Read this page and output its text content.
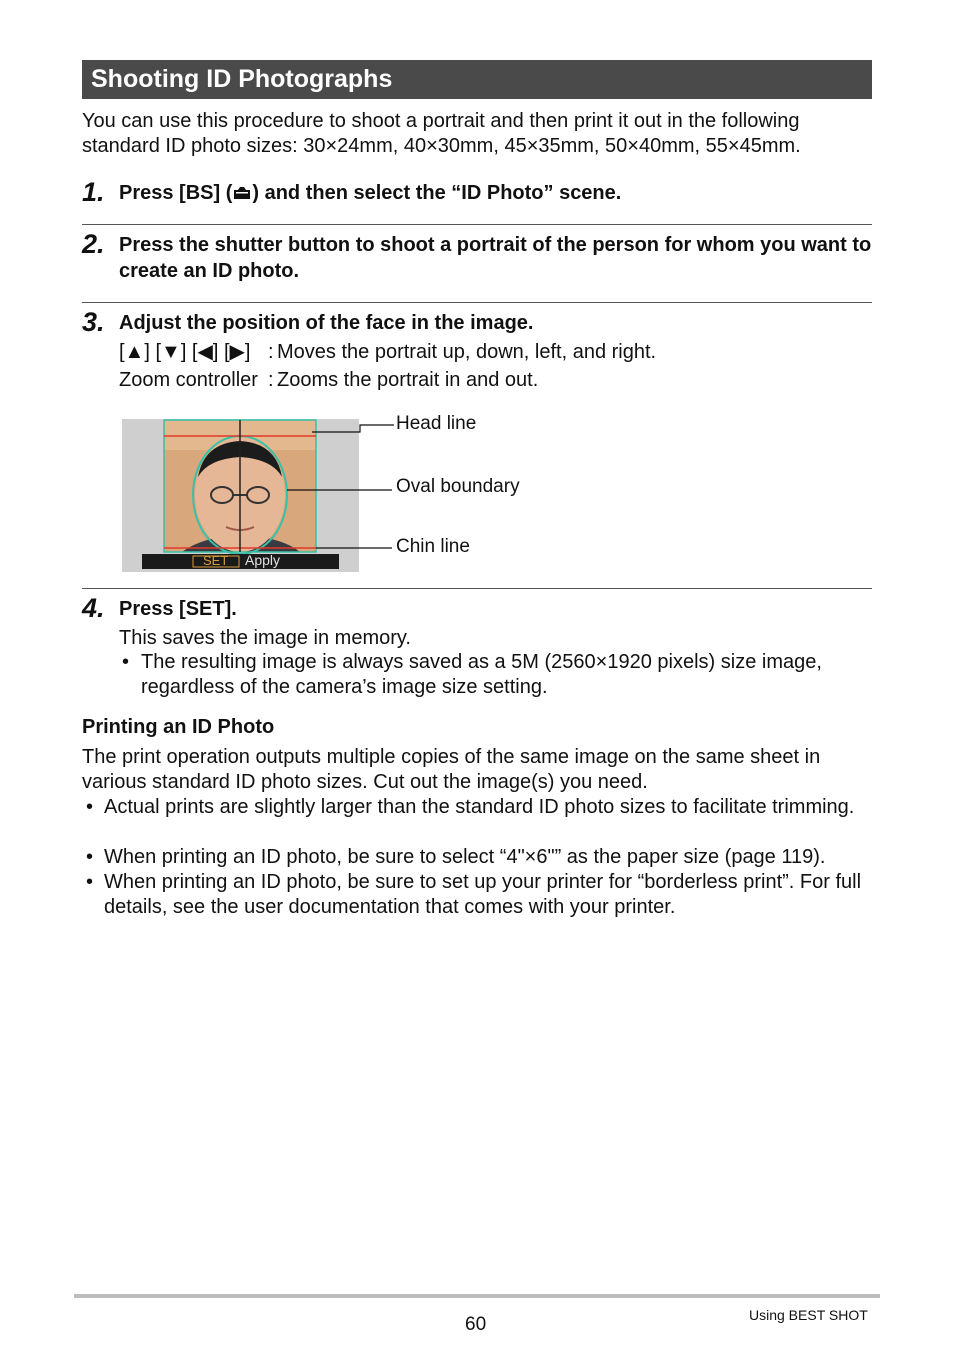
Shooting ID Photographs
You can use this procedure to shoot a portrait and then print it out in the following standard ID photo sizes: 30×24mm, 40×30mm, 45×35mm, 50×40mm, 55×45mm.
1. Press [BS] ( ) and then select the “ID Photo” scene.
2. Press the shutter button to shoot a portrait of the person for whom you want to create an ID photo.
3. Adjust the position of the face in the image.
[▲] [▼] [◀] [▶] : Moves the portrait up, down, left, and right.
Zoom controller : Zooms the portrait in and out.
SET Apply
Head line
Oval boundary
Chin line
4. Press [SET].
This saves the image in memory.
• The resulting image is always saved as a 5M (2560×1920 pixels) size image, regardless of the camera’s image size setting.
Printing an ID Photo
The print operation outputs multiple copies of the same image on the same sheet in various standard ID photo sizes. Cut out the image(s) you need.
• Actual prints are slightly larger than the standard ID photo sizes to facilitate trimming.
• When printing an ID photo, be sure to select “4"×6"” as the paper size (page 119).
• When printing an ID photo, be sure to set up your printer for “borderless print”. For full details, see the user documentation that comes with your printer.
60	Using BEST SHOT
